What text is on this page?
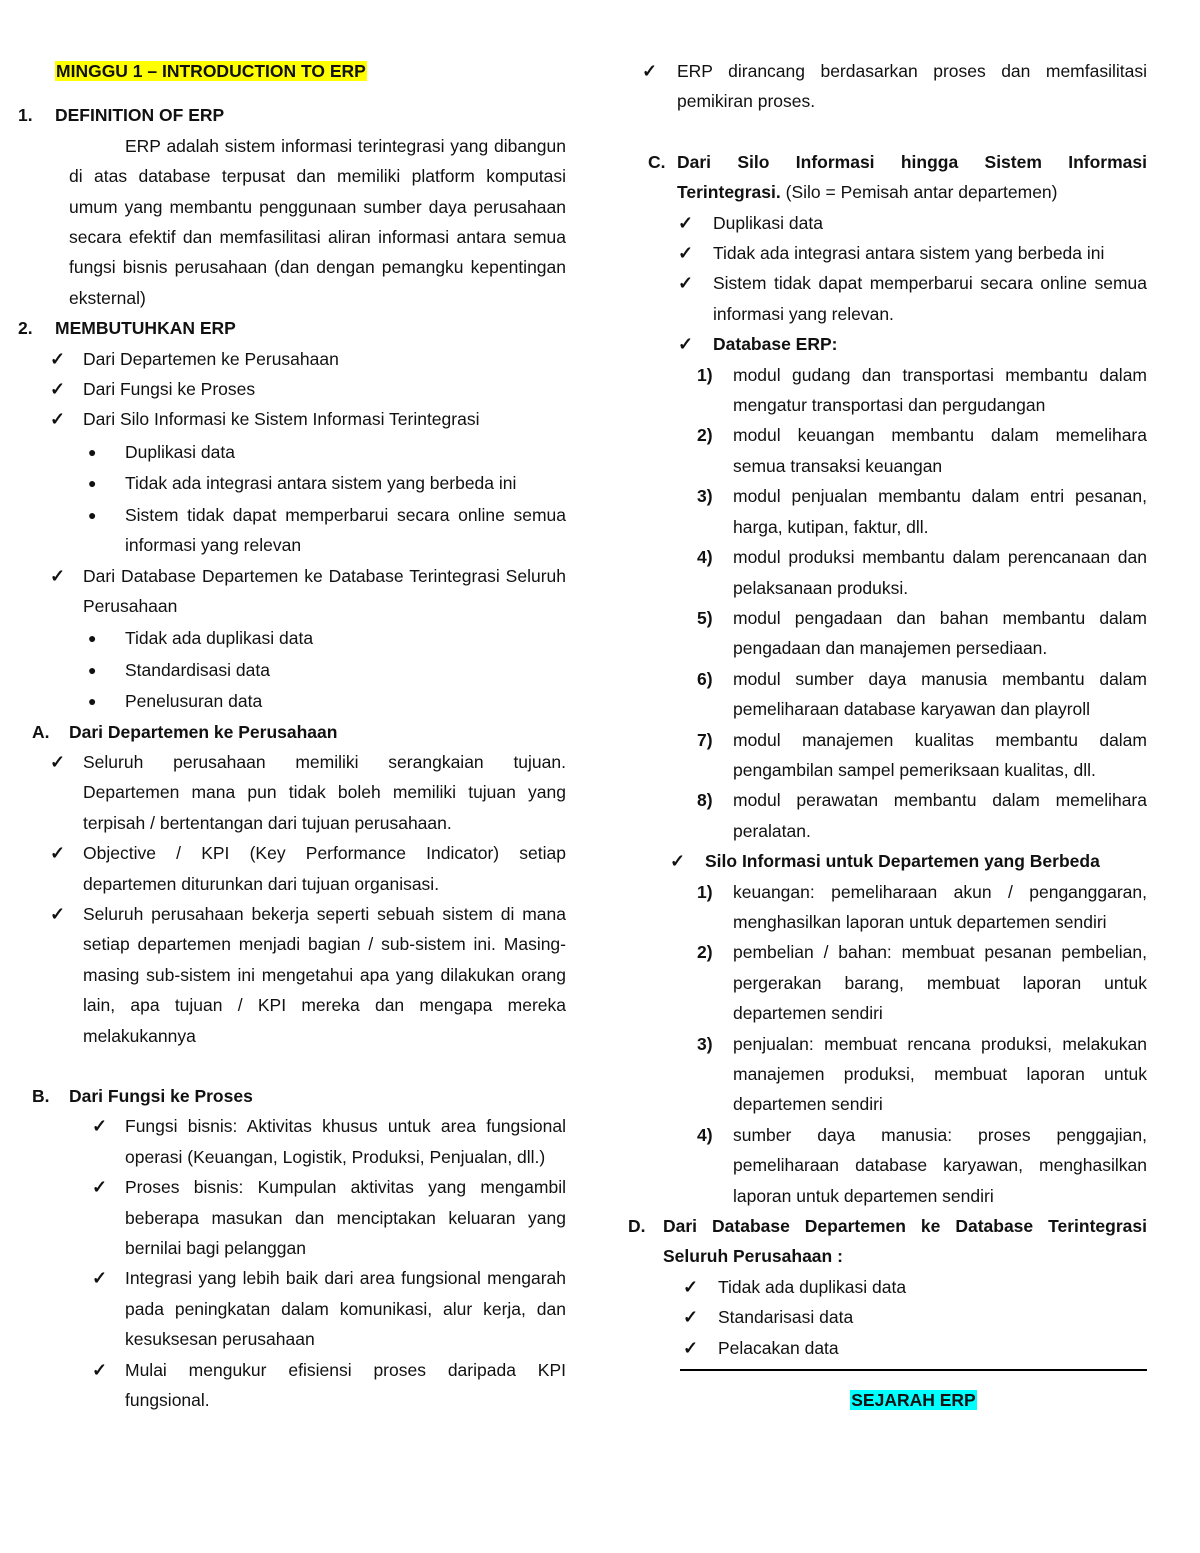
MINGGU 1 – INTRODUCTION TO ERP
1. DEFINITION OF ERP
ERP adalah sistem informasi terintegrasi yang dibangun di atas database terpusat dan memiliki platform komputasi umum yang membantu penggunaan sumber daya perusahaan secara efektif dan memfasilitasi aliran informasi antara semua fungsi bisnis perusahaan (dan dengan pemangku kepentingan eksternal)
2. MEMBUTUHKAN ERP
✓ Dari Departemen ke Perusahaan
✓ Dari Fungsi ke Proses
✓ Dari Silo Informasi ke Sistem Informasi Terintegrasi
● Duplikasi data
● Tidak ada integrasi antara sistem yang berbeda ini
● Sistem tidak dapat memperbarui secara online semua informasi yang relevan
✓ Dari Database Departemen ke Database Terintegrasi Seluruh Perusahaan
● Tidak ada duplikasi data
● Standardisasi data
● Penelusuran data
A. Dari Departemen ke Perusahaan
✓ Seluruh perusahaan memiliki serangkaian tujuan. Departemen mana pun tidak boleh memiliki tujuan yang terpisah / bertentangan dari tujuan perusahaan.
✓ Objective / KPI (Key Performance Indicator) setiap departemen diturunkan dari tujuan organisasi.
✓ Seluruh perusahaan bekerja seperti sebuah sistem di mana setiap departemen menjadi bagian / sub-sistem ini. Masing-masing sub-sistem ini mengetahui apa yang dilakukan orang lain, apa tujuan / KPI mereka dan mengapa mereka melakukannya
B. Dari Fungsi ke Proses
✓ Fungsi bisnis: Aktivitas khusus untuk area fungsional operasi (Keuangan, Logistik, Produksi, Penjualan, dll.)
✓ Proses bisnis: Kumpulan aktivitas yang mengambil beberapa masukan dan menciptakan keluaran yang bernilai bagi pelanggan
✓ Integrasi yang lebih baik dari area fungsional mengarah pada peningkatan dalam komunikasi, alur kerja, dan kesuksesan perusahaan
✓ Mulai mengukur efisiensi proses daripada KPI fungsional.
✓ ERP dirancang berdasarkan proses dan memfasilitasi pemikiran proses.
C. Dari Silo Informasi hingga Sistem Informasi Terintegrasi. (Silo = Pemisah antar departemen)
✓ Duplikasi data
✓ Tidak ada integrasi antara sistem yang berbeda ini
✓ Sistem tidak dapat memperbarui secara online semua informasi yang relevan.
✓ Database ERP:
1) modul gudang dan transportasi membantu dalam mengatur transportasi dan pergudangan
2) modul keuangan membantu dalam memelihara semua transaksi keuangan
3) modul penjualan membantu dalam entri pesanan, harga, kutipan, faktur, dll.
4) modul produksi membantu dalam perencanaan dan pelaksanaan produksi.
5) modul pengadaan dan bahan membantu dalam pengadaan dan manajemen persediaan.
6) modul sumber daya manusia membantu dalam pemeliharaan database karyawan dan playroll
7) modul manajemen kualitas membantu dalam pengambilan sampel pemeriksaan kualitas, dll.
8) modul perawatan membantu dalam memelihara peralatan.
✓ Silo Informasi untuk Departemen yang Berbeda
1) keuangan: pemeliharaan akun / penganggaran, menghasilkan laporan untuk departemen sendiri
2) pembelian / bahan: membuat pesanan pembelian, pergerakan barang, membuat laporan untuk departemen sendiri
3) penjualan: membuat rencana produksi, melakukan manajemen produksi, membuat laporan untuk departemen sendiri
4) sumber daya manusia: proses penggajian, pemeliharaan database karyawan, menghasilkan laporan untuk departemen sendiri
D. Dari Database Departemen ke Database Terintegrasi Seluruh Perusahaan :
✓ Tidak ada duplikasi data
✓ Standarisasi data
✓ Pelacakan data
SEJARAH ERP
